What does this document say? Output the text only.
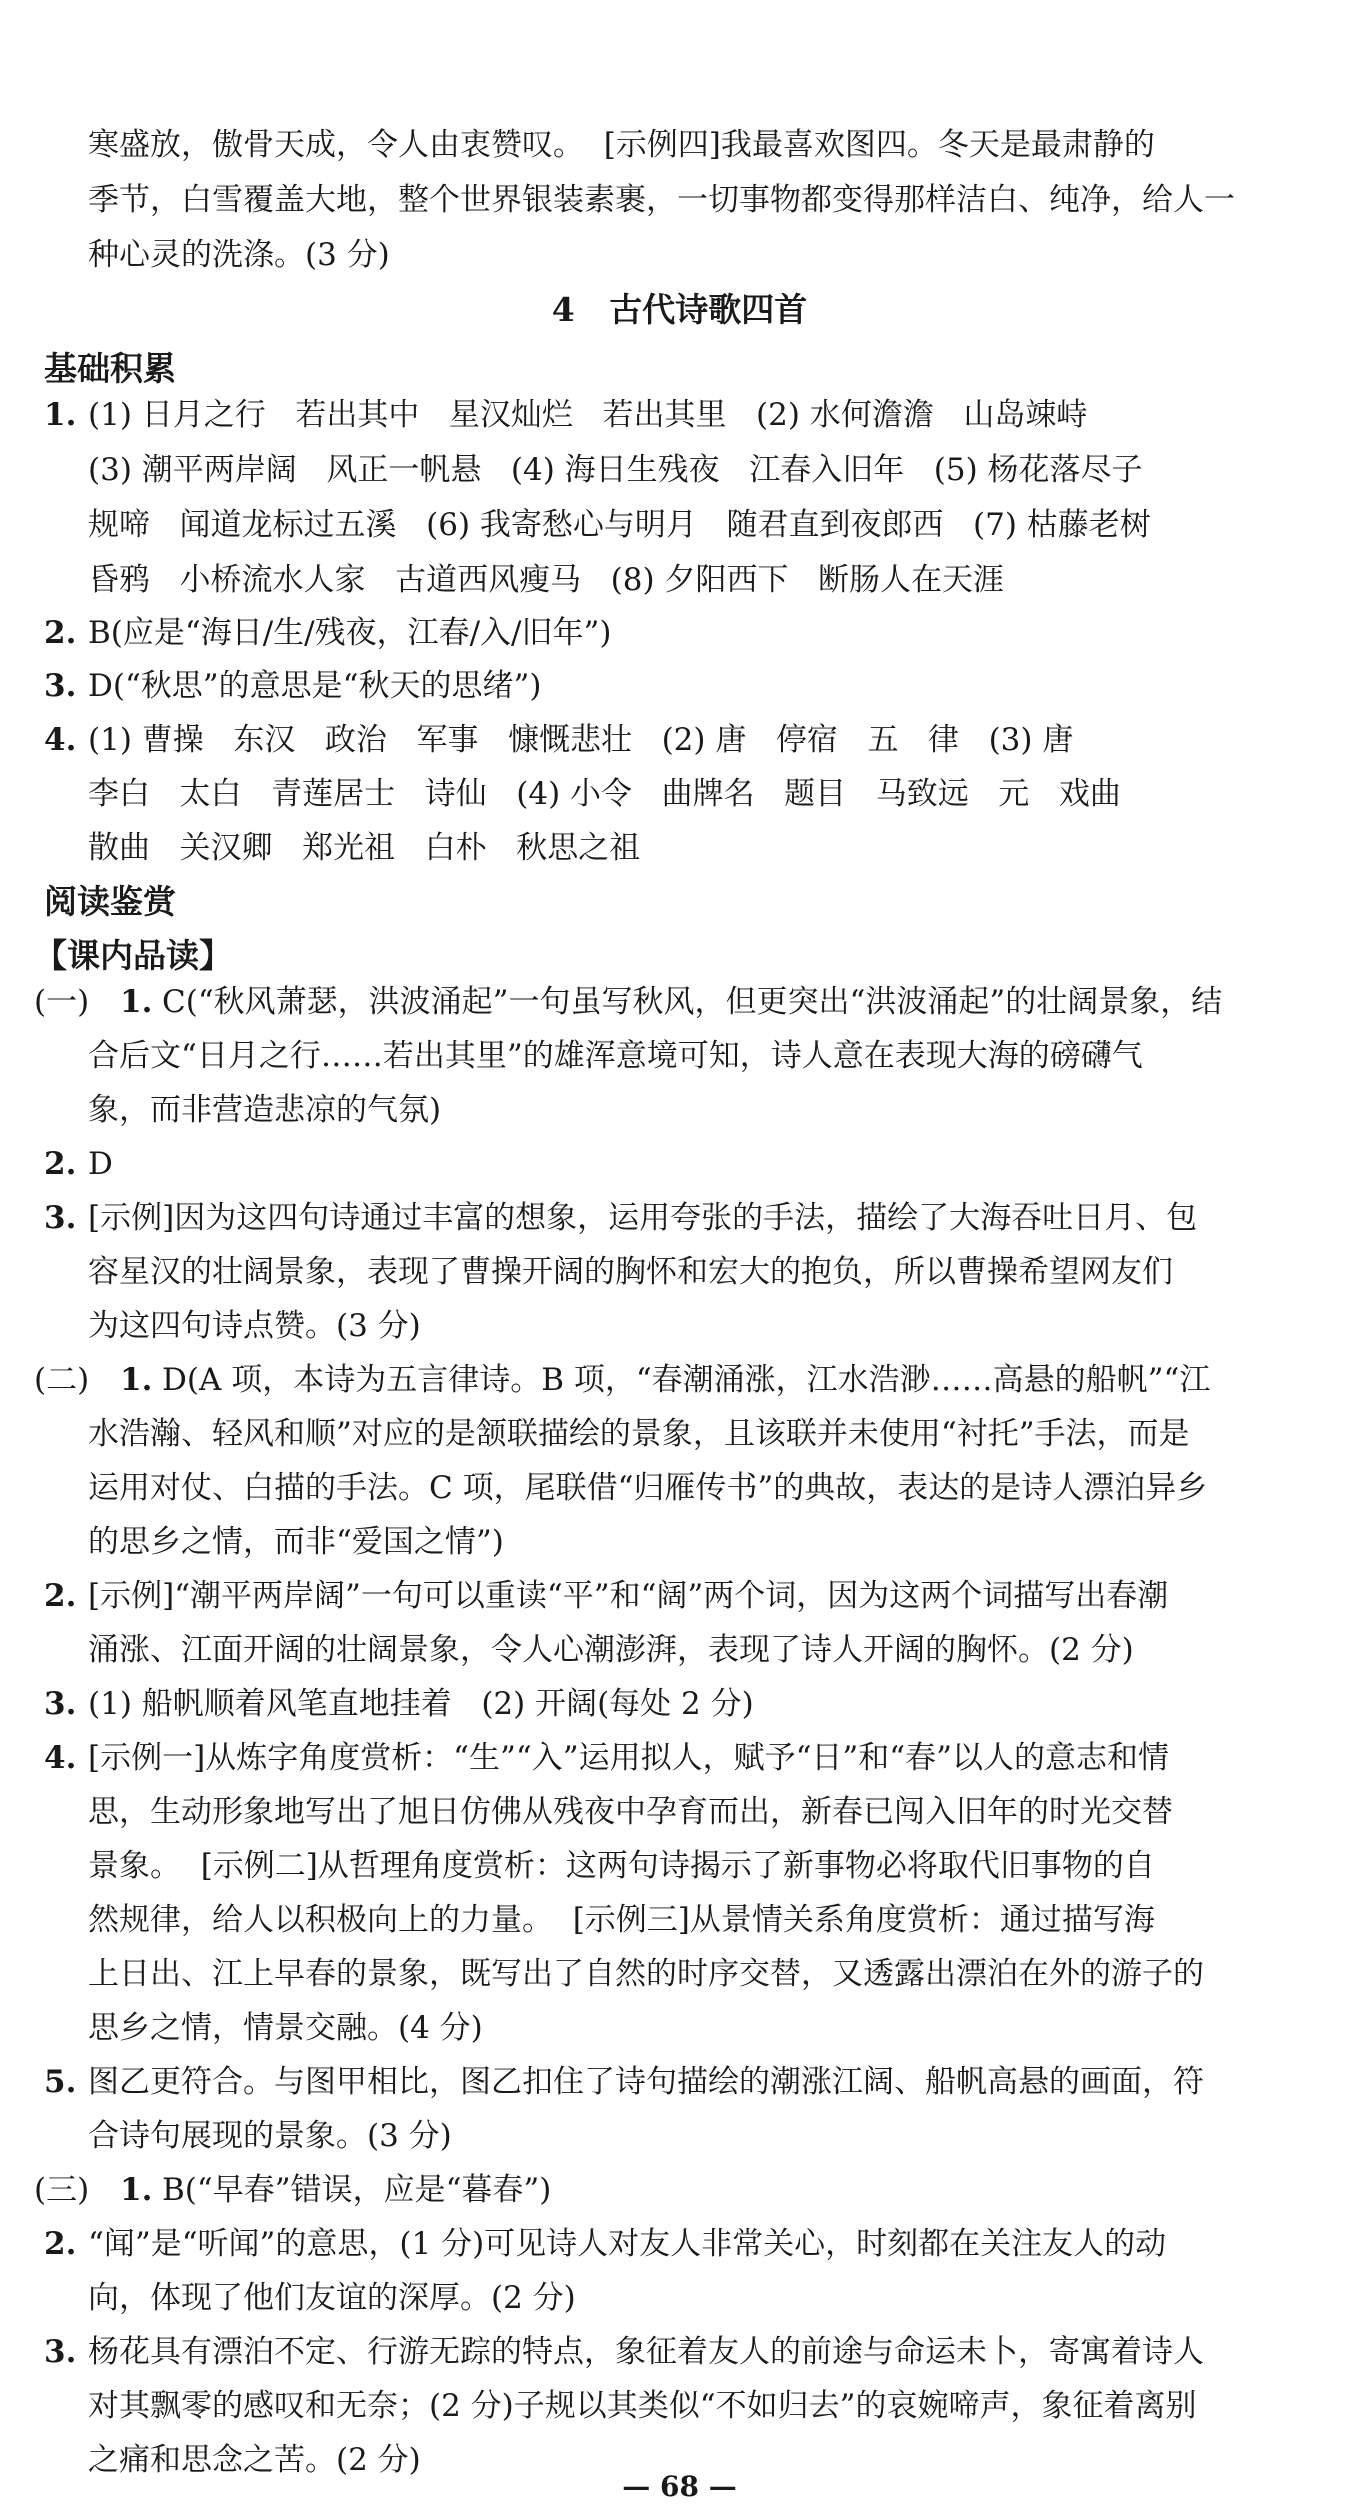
寒盛放，傲骨天成，令人由衷赞叹。  [示例四]我最喜欢图四。冬天是最肃静的
季节，白雪覆盖大地，整个世界银装素裹，一切事物都变得那样洁白、纯净，给人一
种心灵的洗涤。(3 分)
4   古代诗歌四首
基础积累
1. (1) 日月之行   若出其中   星汉灿烂   若出其里   (2) 水何澹澹   山岛竦峙
(3) 潮平两岸阔   风正一帆悬   (4) 海日生残夜   江春入旧年   (5) 杨花落尽子
规啼   闻道龙标过五溪   (6) 我寄愁心与明月   随君直到夜郎西   (7) 枯藤老树
昏鸦   小桥流水人家   古道西风瘦马   (8) 夕阳西下   断肠人在天涯
2. B(应是“海日/生/残夜，江春/入/旧年”)
3. D(“秋思”的意思是“秋天的思绪”)
4. (1) 曹操   东汉   政治   军事   慷慨悲壮   (2) 唐   停宿   五   律   (3) 唐
李白   太白   青莲居士   诗仙   (4) 小令   曲牌名   题目   马致远   元   戏曲
散曲   关汉卿   郑光祖   白朴   秋思之祖
阅读鉴赏
【课内品读】
(一) 1. C(“秋风萧瑟，洪波涌起”一句虽写秋风，但更突出“洪波涌起”的壮阔景象，结
合后文“日月之行……若出其里”的雄浑意境可知，诗人意在表现大海的磅礴气
象，而非营造悲凉的气氛)
2. D
3. [示例]因为这四句诗通过丰富的想象，运用夸张的手法，描绘了大海吞吐日月、包
容星汉的壮阔景象，表现了曹操开阔的胸怀和宏大的抱负，所以曹操希望网友们
为这四句诗点赞。(3 分)
(二) 1. D(A 项，本诗为五言律诗。B 项，“春潮涌涨，江水浩渺……高悬的船帆”“江
水浩瀚、轻风和顺”对应的是颔联描绘的景象，且该联并未使用“衬托”手法，而是
运用对仗、白描的手法。C 项，尾联借“归雁传书”的典故，表达的是诗人漂泊异乡
的思乡之情，而非“爱国之情”)
2. [示例]“潮平两岸阔”一句可以重读“平”和“阔”两个词，因为这两个词描写出春潮
涌涨、江面开阔的壮阔景象，令人心潮澎湃，表现了诗人开阔的胸怀。(2 分)
3. (1) 船帆顺着风笔直地挂着   (2) 开阔(每处 2 分)
4. [示例一]从炼字角度赏析：“生”“入”运用拟人，赋予“日”和“春”以人的意志和情
思，生动形象地写出了旭日仿佛从残夜中孕育而出，新春已闯入旧年的时光交替
景象。  [示例二]从哲理角度赏析：这两句诗揭示了新事物必将取代旧事物的自
然规律，给人以积极向上的力量。  [示例三]从景情关系角度赏析：通过描写海
上日出、江上早春的景象，既写出了自然的时序交替，又透露出漂泊在外的游子的
思乡之情，情景交融。(4 分)
5. 图乙更符合。与图甲相比，图乙扣住了诗句描绘的潮涨江阔、船帆高悬的画面，符
合诗句展现的景象。(3 分)
(三) 1. B(“早春”错误，应是“暮春”)
2. “闻”是“听闻”的意思，(1 分)可见诗人对友人非常关心，时刻都在关注友人的动
向，体现了他们友谊的深厚。(2 分)
3. 杨花具有漂泊不定、行游无踪的特点，象征着友人的前途与命运未卜，寄寓着诗人
对其飘零的感叹和无奈；(2 分)子规以其类似“不如归去”的哀婉啼声，象征着离别
之痛和思念之苦。(2 分)
— 68 —
